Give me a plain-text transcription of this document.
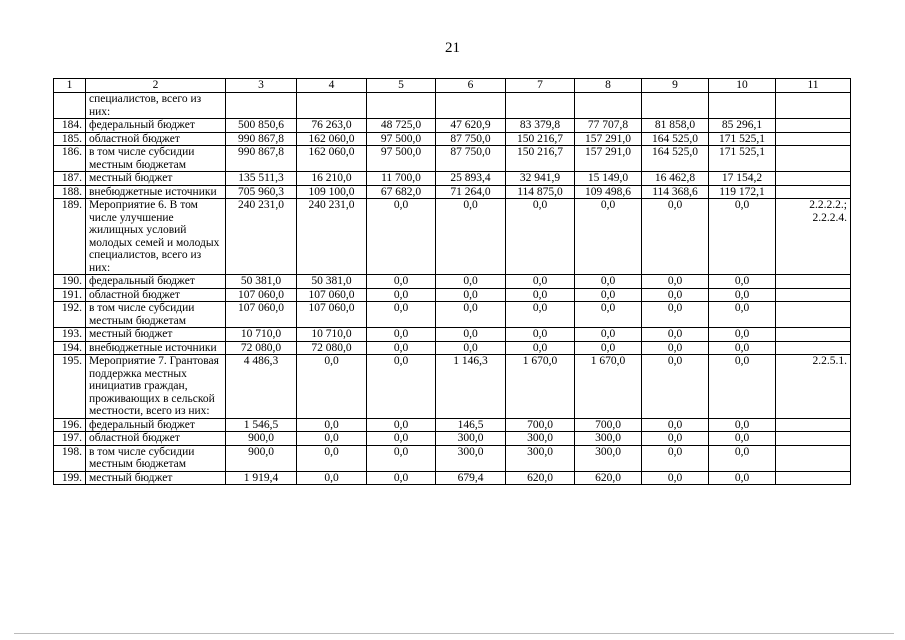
21
1	2	3	4	5	6	7	8	9	10	11
	специалистов, всего из них:									
184.	федеральный бюджет	500 850,6	76 263,0	48 725,0	47 620,9	83 379,8	77 707,8	81 858,0	85 296,1	
185.	областной бюджет	990 867,8	162 060,0	97 500,0	87 750,0	150 216,7	157 291,0	164 525,0	171 525,1	
186.	в том числе субсидии местным бюджетам	990 867,8	162 060,0	97 500,0	87 750,0	150 216,7	157 291,0	164 525,0	171 525,1	
187.	местный бюджет	135 511,3	16 210,0	11 700,0	25 893,4	32 941,9	15 149,0	16 462,8	17 154,2	
188.	внебюджетные источники	705 960,3	109 100,0	67 682,0	71 264,0	114 875,0	109 498,6	114 368,6	119 172,1	
189.	Мероприятие 6. В том числе улучшение жилищных условий молодых семей и молодых специалистов, всего из них:	240 231,0	240 231,0	0,0	0,0	0,0	0,0	0,0	0,0	2.2.2.2.; 2.2.2.4.
190.	федеральный бюджет	50 381,0	50 381,0	0,0	0,0	0,0	0,0	0,0	0,0	
191.	областной бюджет	107 060,0	107 060,0	0,0	0,0	0,0	0,0	0,0	0,0	
192.	в том числе субсидии местным бюджетам	107 060,0	107 060,0	0,0	0,0	0,0	0,0	0,0	0,0	
193.	местный бюджет	10 710,0	10 710,0	0,0	0,0	0,0	0,0	0,0	0,0	
194.	внебюджетные источники	72 080,0	72 080,0	0,0	0,0	0,0	0,0	0,0	0,0	
195.	Мероприятие 7. Грантовая поддержка местных инициатив граждан, проживающих в сельской местности, всего из них:	4 486,3	0,0	0,0	1 146,3	1 670,0	1 670,0	0,0	0,0	2.2.5.1.
196.	федеральный бюджет	1 546,5	0,0	0,0	146,5	700,0	700,0	0,0	0,0	
197.	областной бюджет	900,0	0,0	0,0	300,0	300,0	300,0	0,0	0,0	
198.	в том числе субсидии местным бюджетам	900,0	0,0	0,0	300,0	300,0	300,0	0,0	0,0	
199.	местный бюджет	1 919,4	0,0	0,0	679,4	620,0	620,0	0,0	0,0	
